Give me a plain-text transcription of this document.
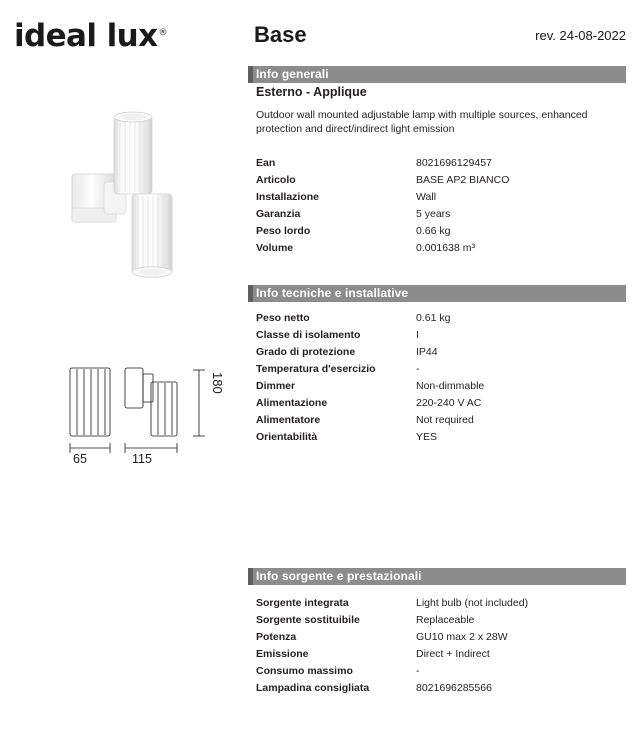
ideal lux®
180
65	115
Base	rev. 24-08-2022
Info generali
Esterno - Applique
Outdoor wall mounted adjustable lamp with multiple sources, enhanced protection and direct/indirect light emission
Ean	8021696129457
Articolo	BASE AP2 BIANCO
Installazione	Wall
Garanzia	5 years
Peso lordo	0.66 kg
Volume	0.001638 m³
Info tecniche e installative
Peso netto	0.61 kg
Classe di isolamento	I
Grado di protezione	IP44
Temperatura d'esercizio	-
Dimmer	Non-dimmable
Alimentazione	220-240 V AC
Alimentatore	Not required
Orientabilità	YES
Info sorgente e prestazionali
Sorgente integrata	Light bulb (not included)
Sorgente sostituibile	Replaceable
Potenza	GU10 max 2 x 28W
Emissione	Direct + Indirect
Consumo massimo	-
Lampadina consigliata	8021696285566
